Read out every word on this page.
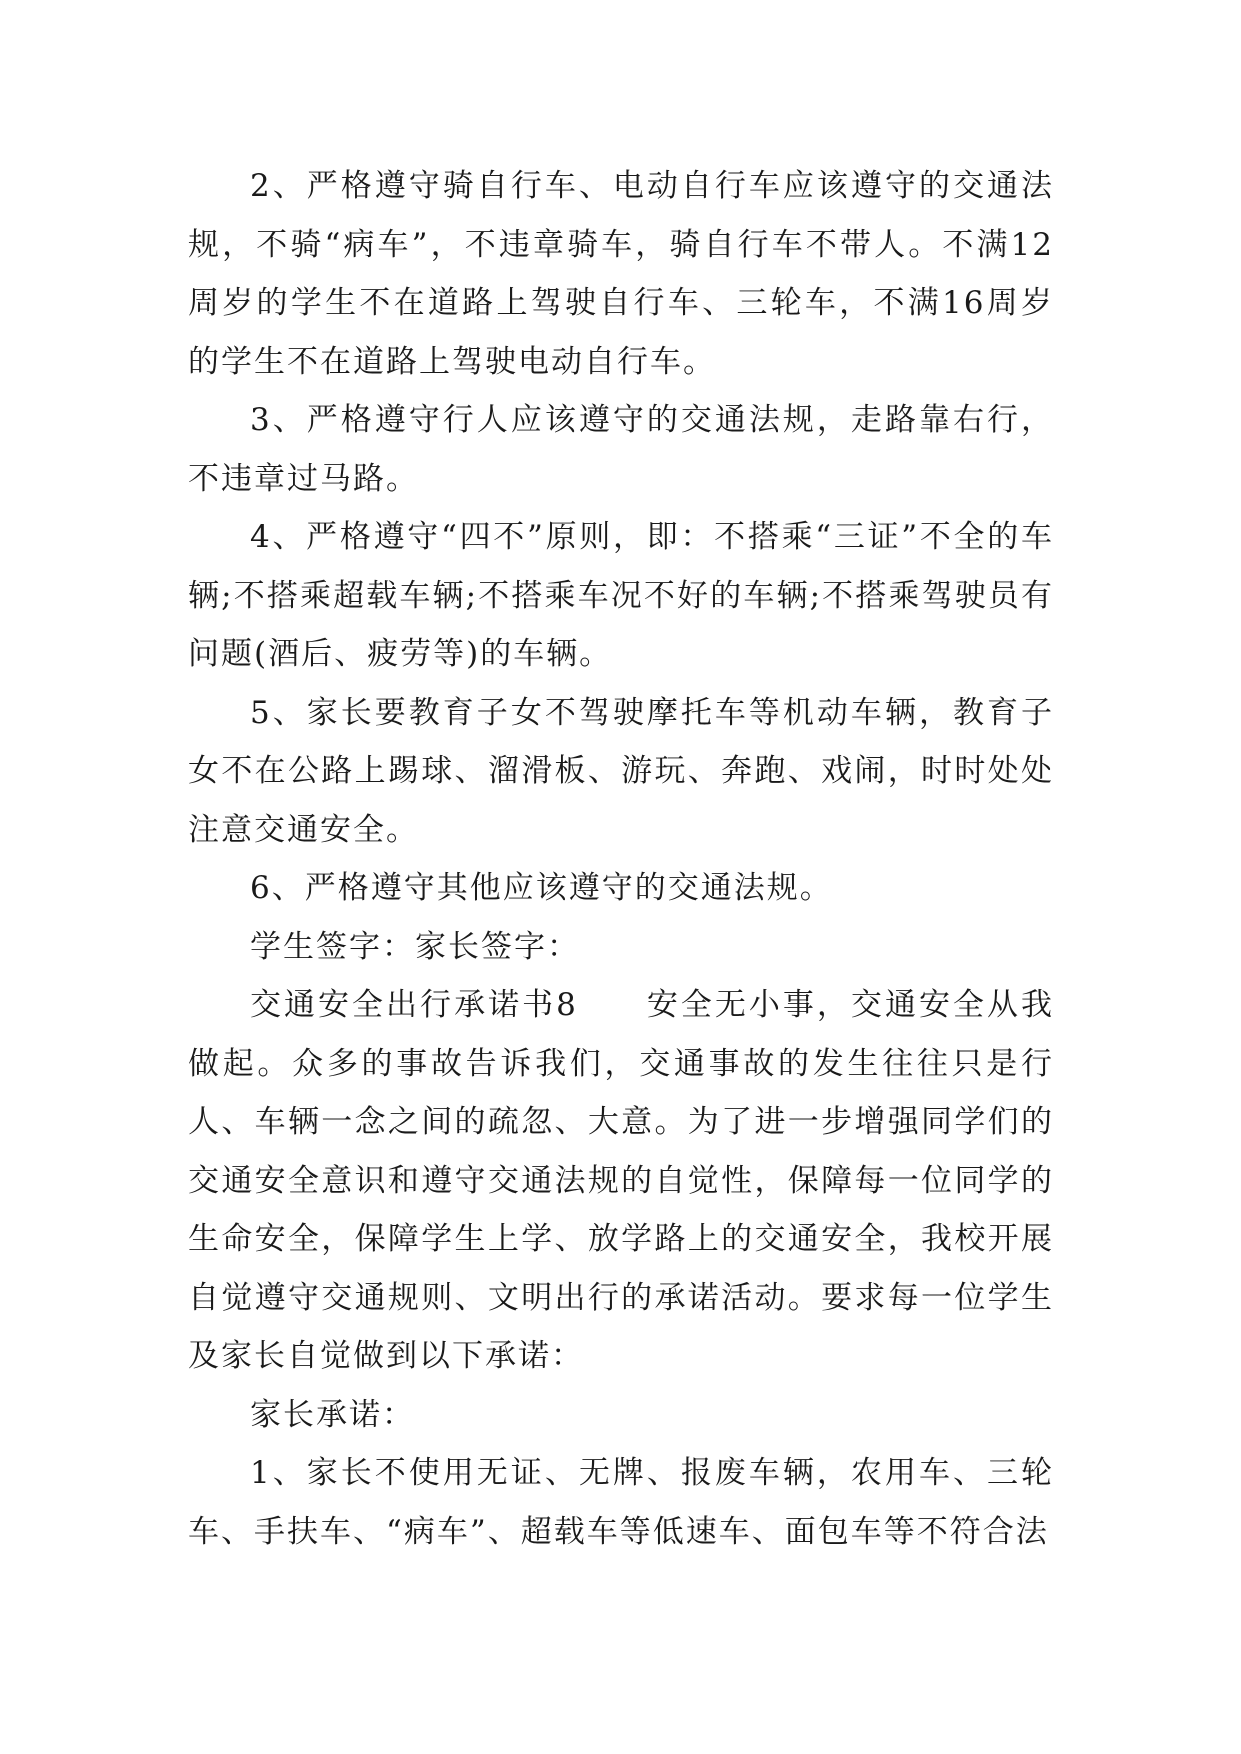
2、严格遵守骑自行车、电动自行车应该遵守的交通法规，不骑“病车”，不违章骑车，骑自行车不带人。不满12周岁的学生不在道路上驾驶自行车、三轮车，不满16周岁的学生不在道路上驾驶电动自行车。

3、严格遵守行人应该遵守的交通法规，走路靠右行，不违章过马路。

4、严格遵守“四不”原则，即：不搭乘“三证”不全的车辆;不搭乘超载车辆;不搭乘车况不好的车辆;不搭乘驾驶员有问题(酒后、疲劳等)的车辆。

5、家长要教育子女不驾驶摩托车等机动车辆，教育子女不在公路上踢球、溜滑板、游玩、奔跑、戏闹，时时处处注意交通安全。

6、严格遵守其他应该遵守的交通法规。

学生签字：家长签字：

交通安全出行承诺书8　　安全无小事，交通安全从我做起。众多的事故告诉我们，交通事故的发生往往只是行人、车辆一念之间的疏忽、大意。为了进一步增强同学们的交通安全意识和遵守交通法规的自觉性，保障每一位同学的生命安全，保障学生上学、放学路上的交通安全，我校开展自觉遵守交通规则、文明出行的承诺活动。要求每一位学生及家长自觉做到以下承诺：

家长承诺：

1、家长不使用无证、无牌、报废车辆，农用车、三轮车、手扶车、“病车”、超载车等低速车、面包车等不符合法
